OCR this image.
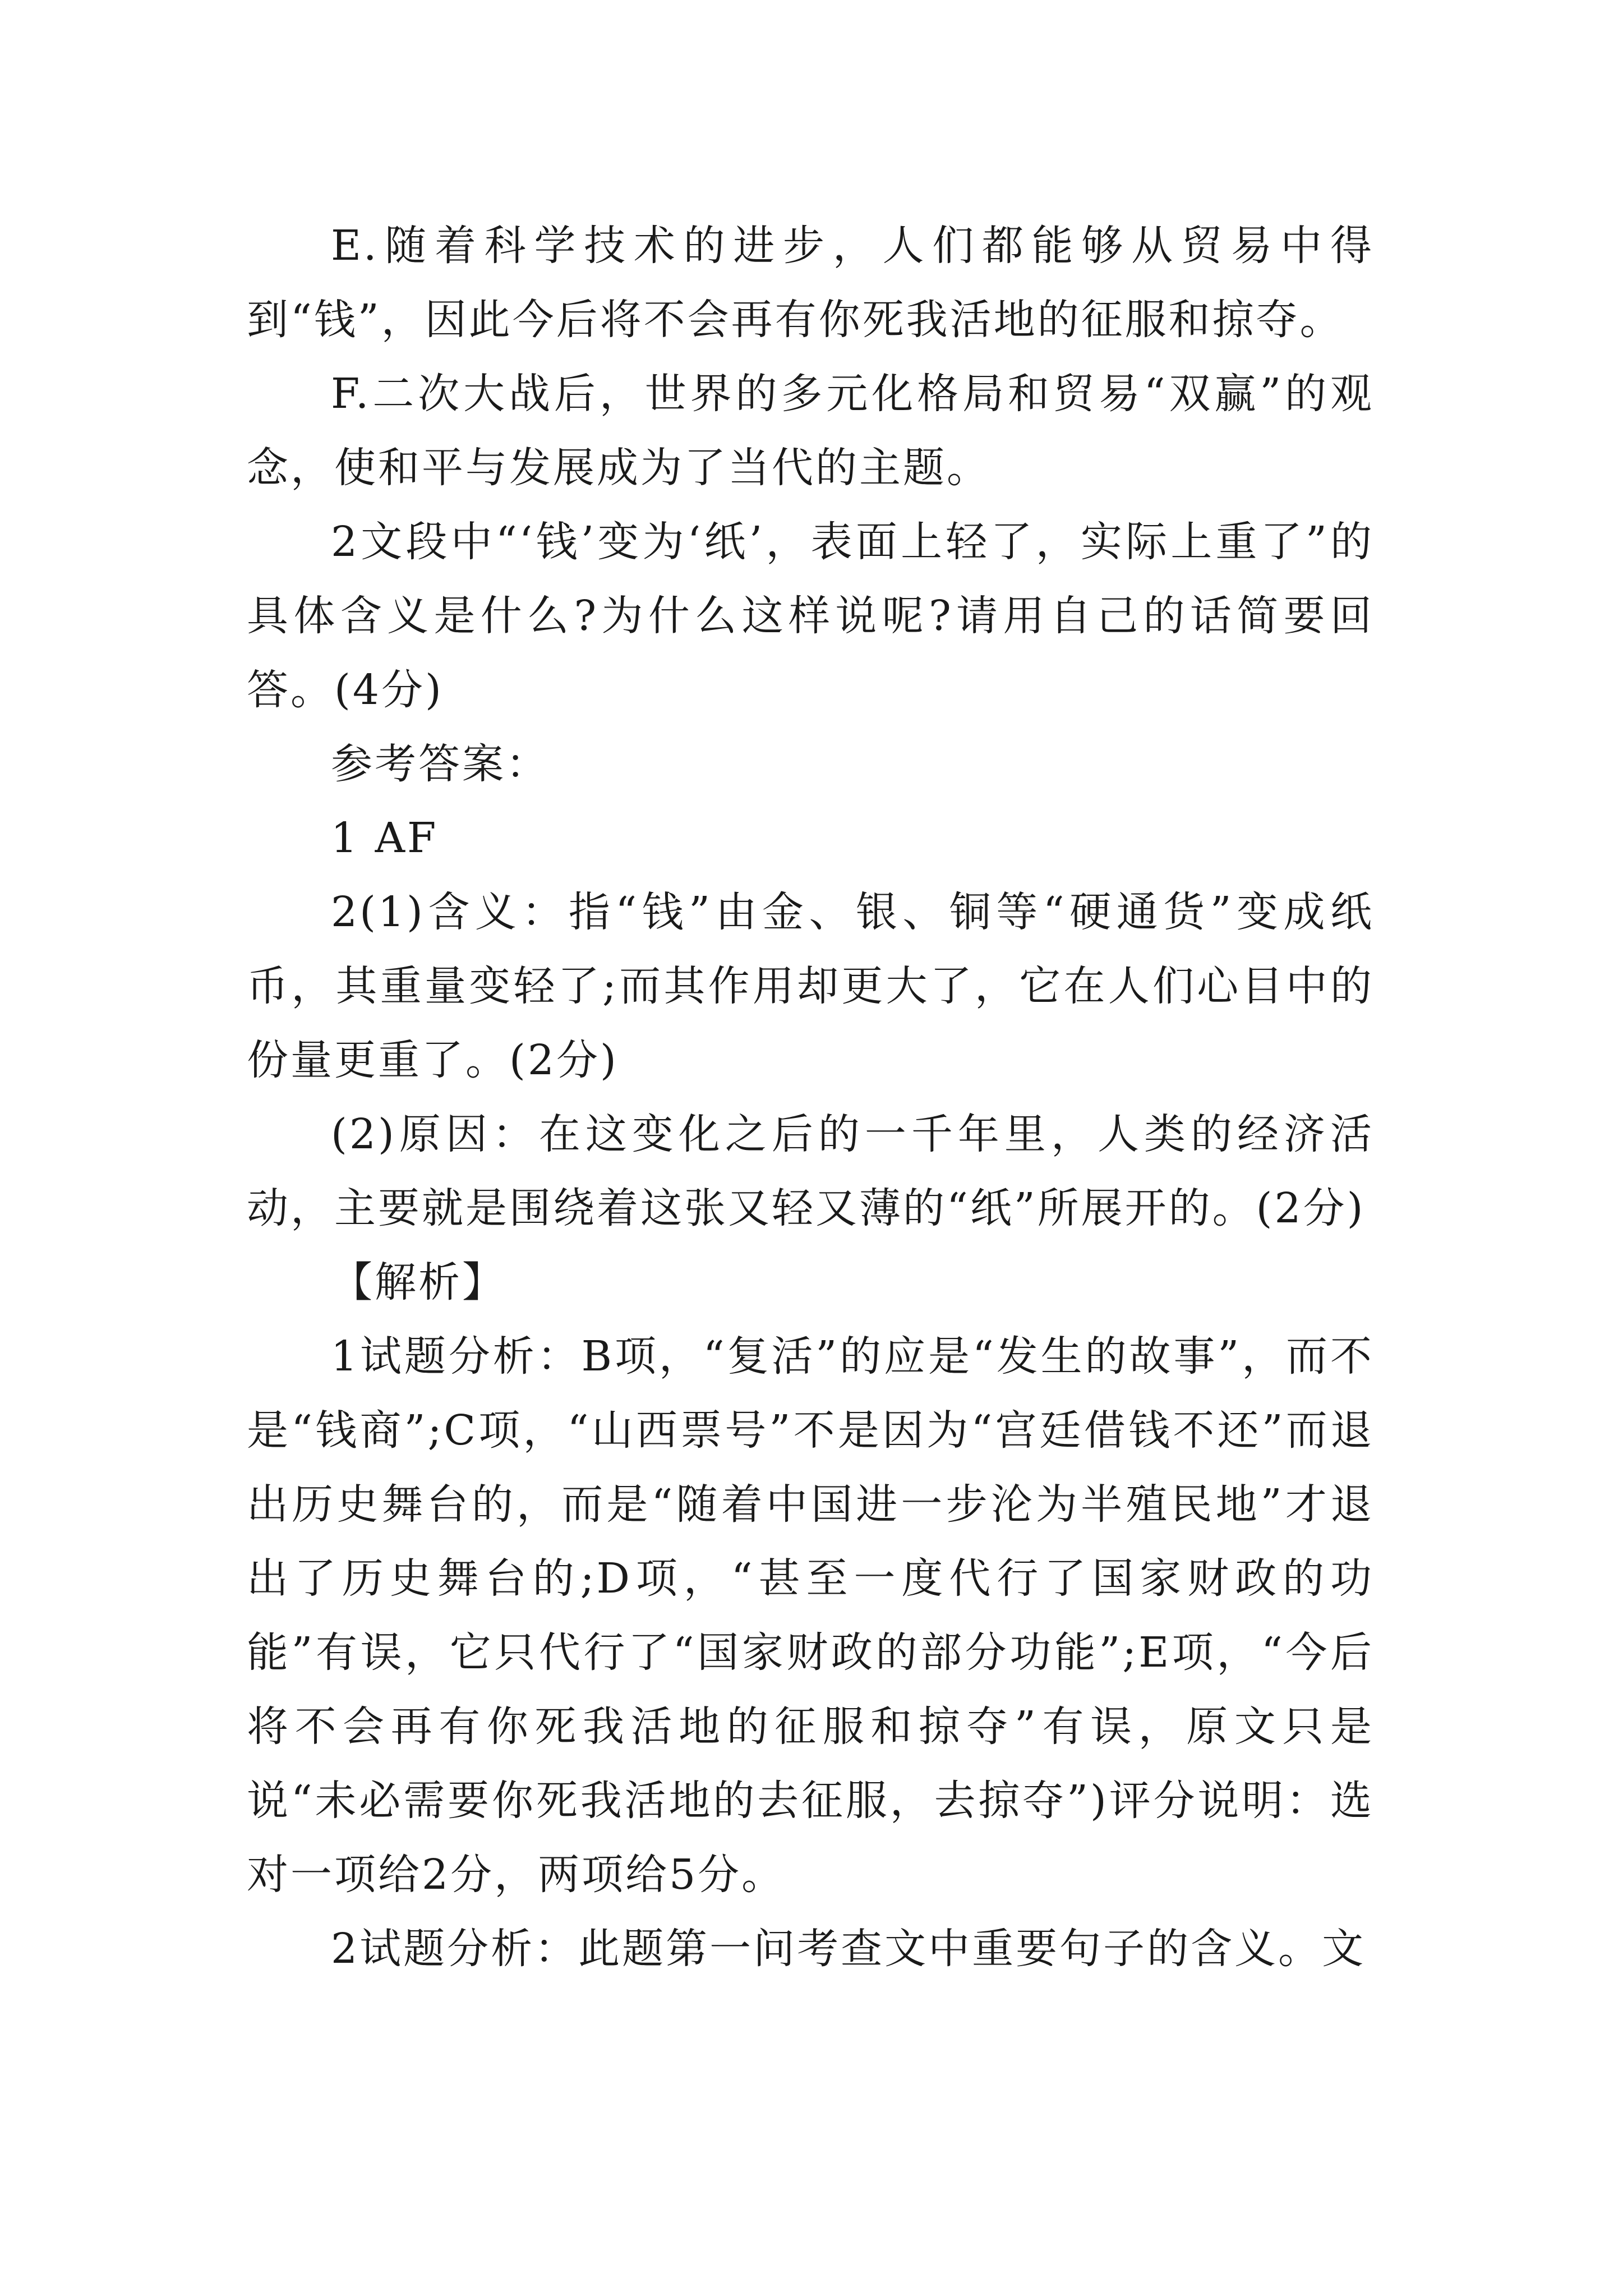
E.随着科学技术的进步，人们都能够从贸易中得到“钱”，因此今后将不会再有你死我活地的征服和掠夺。

F.二次大战后，世界的多元化格局和贸易“双赢”的观念，使和平与发展成为了当代的主题。

2文段中“‘钱’变为‘纸’，表面上轻了，实际上重了”的具体含义是什么?为什么这样说呢?请用自己的话简要回答。(4分)

参考答案：

1 AF

2(1)含义：指“钱”由金、银、铜等“硬通货”变成纸币，其重量变轻了;而其作用却更大了，它在人们心目中的份量更重了。(2分)

(2)原因：在这变化之后的一千年里，人类的经济活动，主要就是围绕着这张又轻又薄的“纸”所展开的。(2分)

【解析】

1试题分析：B项，“复活”的应是“发生的故事”，而不是“钱商”;C项，“山西票号”不是因为“宫廷借钱不还”而退出历史舞台的，而是“随着中国进一步沦为半殖民地”才退出了历史舞台的;D项，“甚至一度代行了国家财政的功能”有误，它只代行了“国家财政的部分功能”;E项，“今后将不会再有你死我活地的征服和掠夺”有误，原文只是说“未必需要你死我活地的去征服，去掠夺”)评分说明：选对一项给2分，两项给5分。

2试题分析：此题第一问考查文中重要句子的含义。文
